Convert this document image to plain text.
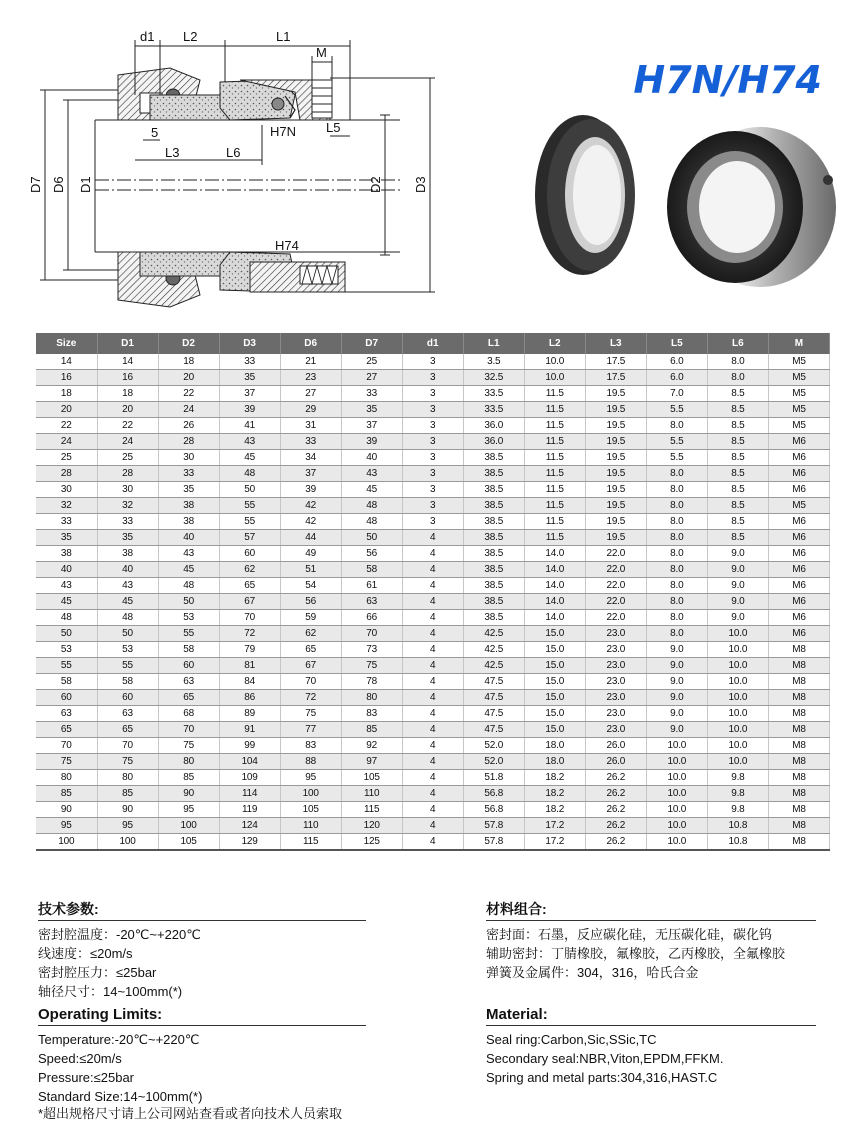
d1 L2	L1
M
5	L5
H7N
L3	L6
H74
D7 D6 D1	D2 D3
H7N/H74
Size	D1	D2	D3	D6	D7	d1	L1	L2	L3	L5	L6	M
14	14	18	33	21	25	3	3.5	10.0	17.5	6.0	8.0	M5
16	16	20	35	23	27	3	32.5	10.0	17.5	6.0	8.0	M5
18	18	22	37	27	33	3	33.5	11.5	19.5	7.0	8.5	M5
20	20	24	39	29	35	3	33.5	11.5	19.5	5.5	8.5	M5
22	22	26	41	31	37	3	36.0	11.5	19.5	8.0	8.5	M5
24	24	28	43	33	39	3	36.0	11.5	19.5	5.5	8.5	M6
25	25	30	45	34	40	3	38.5	11.5	19.5	5.5	8.5	M6
28	28	33	48	37	43	3	38.5	11.5	19.5	8.0	8.5	M6
30	30	35	50	39	45	3	38.5	11.5	19.5	8.0	8.5	M6
32	32	38	55	42	48	3	38.5	11.5	19.5	8.0	8.5	M5
33	33	38	55	42	48	3	38.5	11.5	19.5	8.0	8.5	M6
35	35	40	57	44	50	4	38.5	11.5	19.5	8.0	8.5	M6
38	38	43	60	49	56	4	38.5	14.0	22.0	8.0	9.0	M6
40	40	45	62	51	58	4	38.5	14.0	22.0	8.0	9.0	M6
43	43	48	65	54	61	4	38.5	14.0	22.0	8.0	9.0	M6
45	45	50	67	56	63	4	38.5	14.0	22.0	8.0	9.0	M6
48	48	53	70	59	66	4	38.5	14.0	22.0	8.0	9.0	M6
50	50	55	72	62	70	4	42.5	15.0	23.0	8.0	10.0	M6
53	53	58	79	65	73	4	42.5	15.0	23.0	9.0	10.0	M8
55	55	60	81	67	75	4	42.5	15.0	23.0	9.0	10.0	M8
58	58	63	84	70	78	4	47.5	15.0	23.0	9.0	10.0	M8
60	60	65	86	72	80	4	47.5	15.0	23.0	9.0	10.0	M8
63	63	68	89	75	83	4	47.5	15.0	23.0	9.0	10.0	M8
65	65	70	91	77	85	4	47.5	15.0	23.0	9.0	10.0	M8
70	70	75	99	83	92	4	52.0	18.0	26.0	10.0	10.0	M8
75	75	80	104	88	97	4	52.0	18.0	26.0	10.0	10.0	M8
80	80	85	109	95	105	4	51.8	18.2	26.2	10.0	9.8	M8
85	85	90	114	100	110	4	56.8	18.2	26.2	10.0	9.8	M8
90	90	95	119	105	115	4	56.8	18.2	26.2	10.0	9.8	M8
95	95	100	124	110	120	4	57.8	17.2	26.2	10.0	10.8	M8
100	100	105	129	115	125	4	57.8	17.2	26.2	10.0	10.8	M8
技术参数:

密封腔温度：-20℃~+220℃

线速度：≤20m/s

密封腔压力：≤25bar

轴径尺寸：14~100mm(*)

材料组合:

密封面：石墨，反应碳化硅，无压碳化硅，碳化钨

辅助密封：丁腈橡胶，氟橡胶，乙丙橡胶，全氟橡胶

弹簧及金属件：304，316，哈氏合金

Operating Limits:

Temperature:-20℃~+220℃

Speed:≤20m/s

Pressure:≤25bar

Standard Size:14~100mm(*)

Material:

Seal ring:Carbon,Sic,SSic,TC

Secondary seal:NBR,Viton,EPDM,FFKM.

Spring and metal parts:304,316,HAST.C

*超出规格尺寸请上公司网站查看或者向技术人员索取
